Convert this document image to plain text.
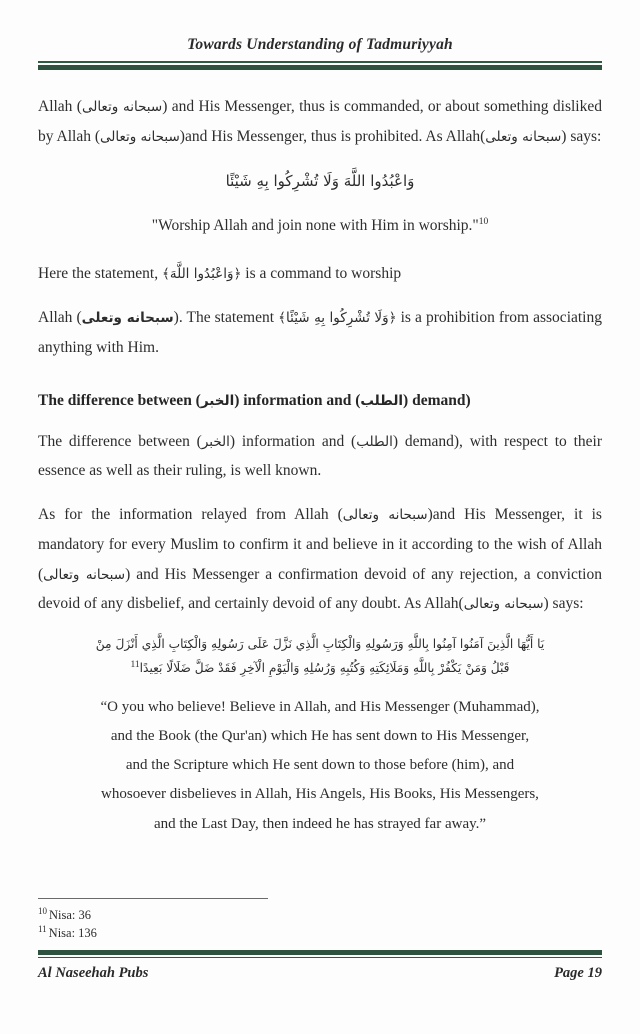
Towards Understanding of Tadmuriyyah

Allah (سبحانه وتعالى) and His Messenger, thus is commanded, or about something disliked by Allah (سبحانه وتعالى)and His Messenger, thus is prohibited. As Allah(سبحانه وتعلى) says:

وَاعْبُدُوا اللَّهَ وَلَا تُشْرِكُوا بِهِ شَيْئًا
"Worship Allah and join none with Him in worship."$^{10}$

Here the statement, ﴿وَاعْبُدُوا اللَّهَ﴾ is a command to worship

Allah (سبحانه وتعلى). The statement ﴿وَلَا تُشْرِكُوا بِهِ شَيْئًا﴾ is a prohibition from associating anything with Him.

The difference between (الخبر) information and (الطلب) demand)

The difference between (الخبر) information and (الطلب) demand), with respect to their essence as well as their ruling, is well known.

As for the information relayed from Allah (سبحانه وتعالى)and His Messenger, it is mandatory for every Muslim to confirm it and believe in it according to the wish of Allah (سبحانه وتعالى) and His Messenger a confirmation devoid of any rejection, a conviction devoid of any disbelief, and certainly devoid of any doubt. As Allah(سبحانه وتعالى) says:

يَا أَيُّهَا الَّذِينَ آمَنُوا آمِنُوا بِاللَّهِ وَرَسُولِهِ وَالْكِتَابِ الَّذِي نَزَّلَ عَلَى رَسُولِهِ وَالْكِتَابِ الَّذِي أَنْزَلَ مِنْ
قَبْلُ وَمَنْ يَكْفُرْ بِاللَّهِ وَمَلَائِكَتِهِ وَكُتُبِهِ وَرُسُلِهِ وَالْيَوْمِ الْآخِرِ فَقَدْ ضَلَّ ضَلَالًا بَعِيدًا$^{11}$
“O you who believe! Believe in Allah, and His Messenger (Muhammad),
and the Book (the Qur'an) which He has sent down to His Messenger,
and the Scripture which He sent down to those before (him), and
whosoever disbelieves in Allah, His Angels, His Books, His Messengers,
and the Last Day, then indeed he has strayed far away.”
$^{10}$ Nisa: 36
$^{11}$ Nisa: 136
Al Naseehah Pubs	Page 19
